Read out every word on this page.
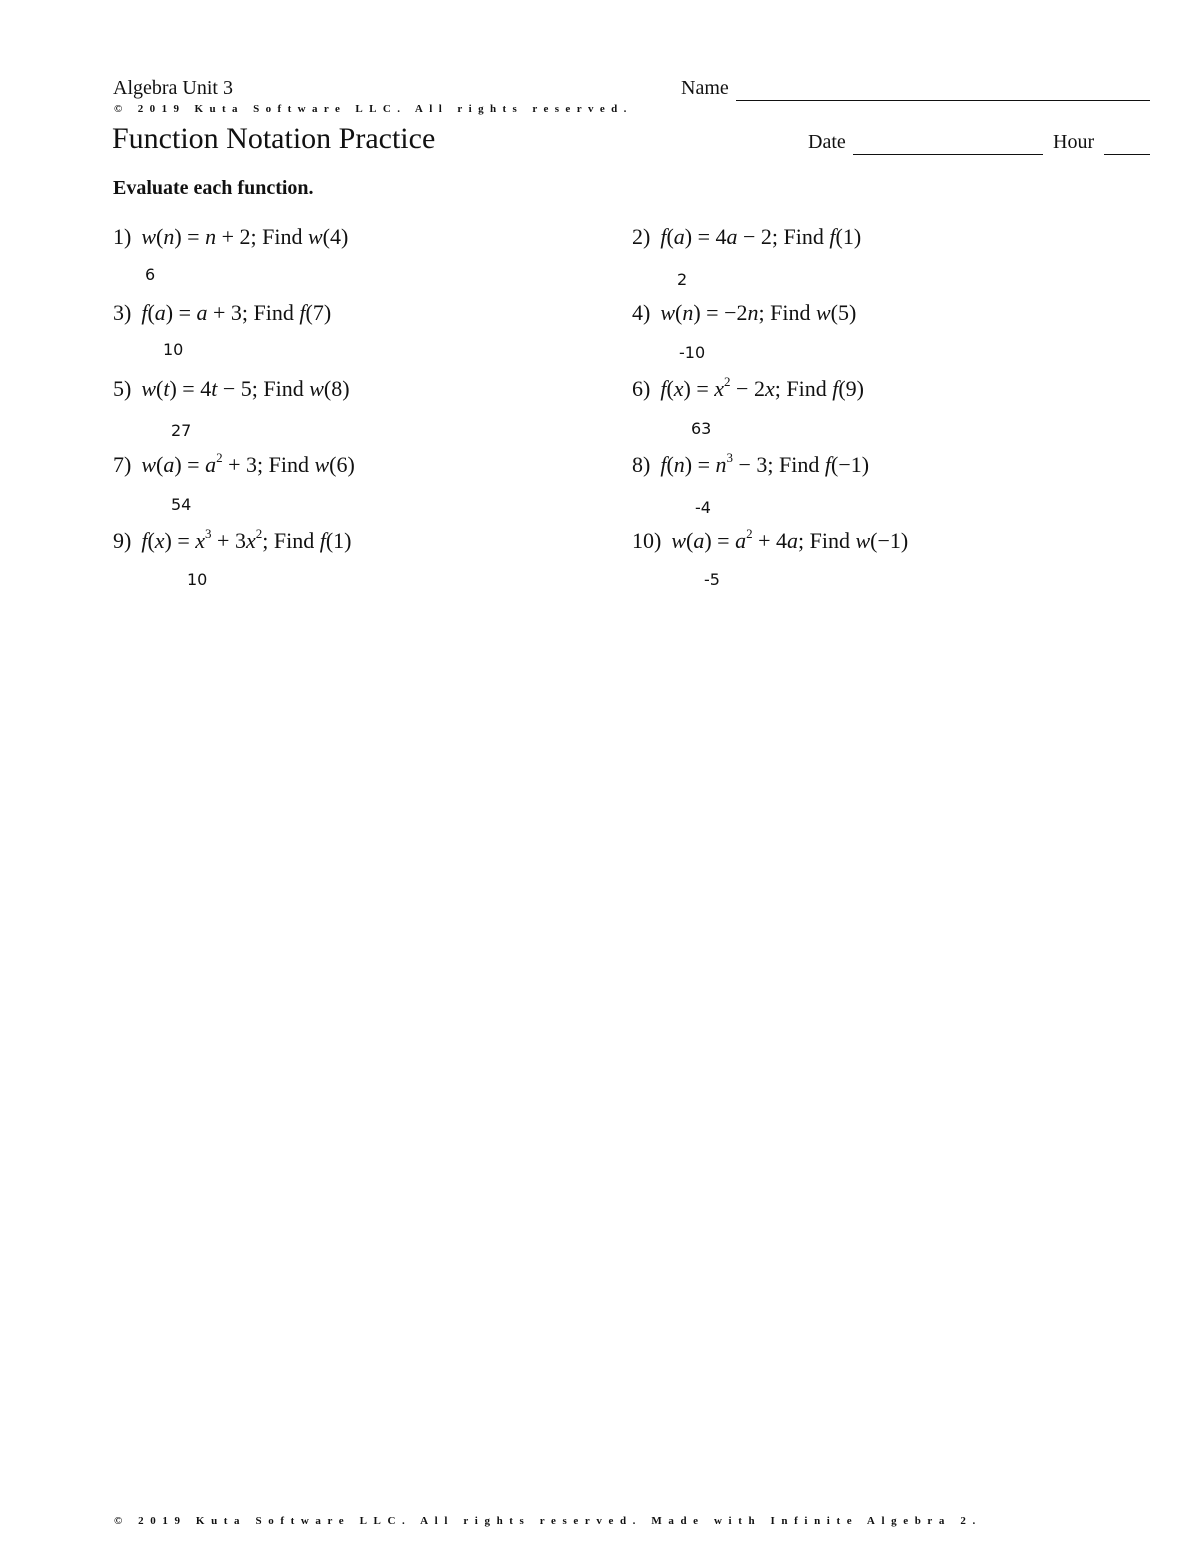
Algebra Unit 3
© 2019 Kuta Software LLC. All rights reserved.
Function Notation Practice
Name
Date	Hour
Evaluate each function.
1) w(n) = n + 2; Find w(4)
6
2) f(a) = 4a − 2; Find f(1)
2
3) f(a) = a + 3; Find f(7)
10
4) w(n) = −2n; Find w(5)
-10
5) w(t) = 4t − 5; Find w(8)
27
6) $f(x) = x^2 - 2x$; Find f(9)
63
7) $w(a) = a^2 + 3$; Find w(6)
54
8) $f(n) = n^3 - 3$; Find f(−1)
-4
9) $f(x) = x^3 + 3x^2$; Find f(1)
10
10) $w(a) = a^2 + 4a$; Find w(−1)
-5
© 2019 Kuta Software LLC. All rights reserved. Made with Infinite Algebra 2.
